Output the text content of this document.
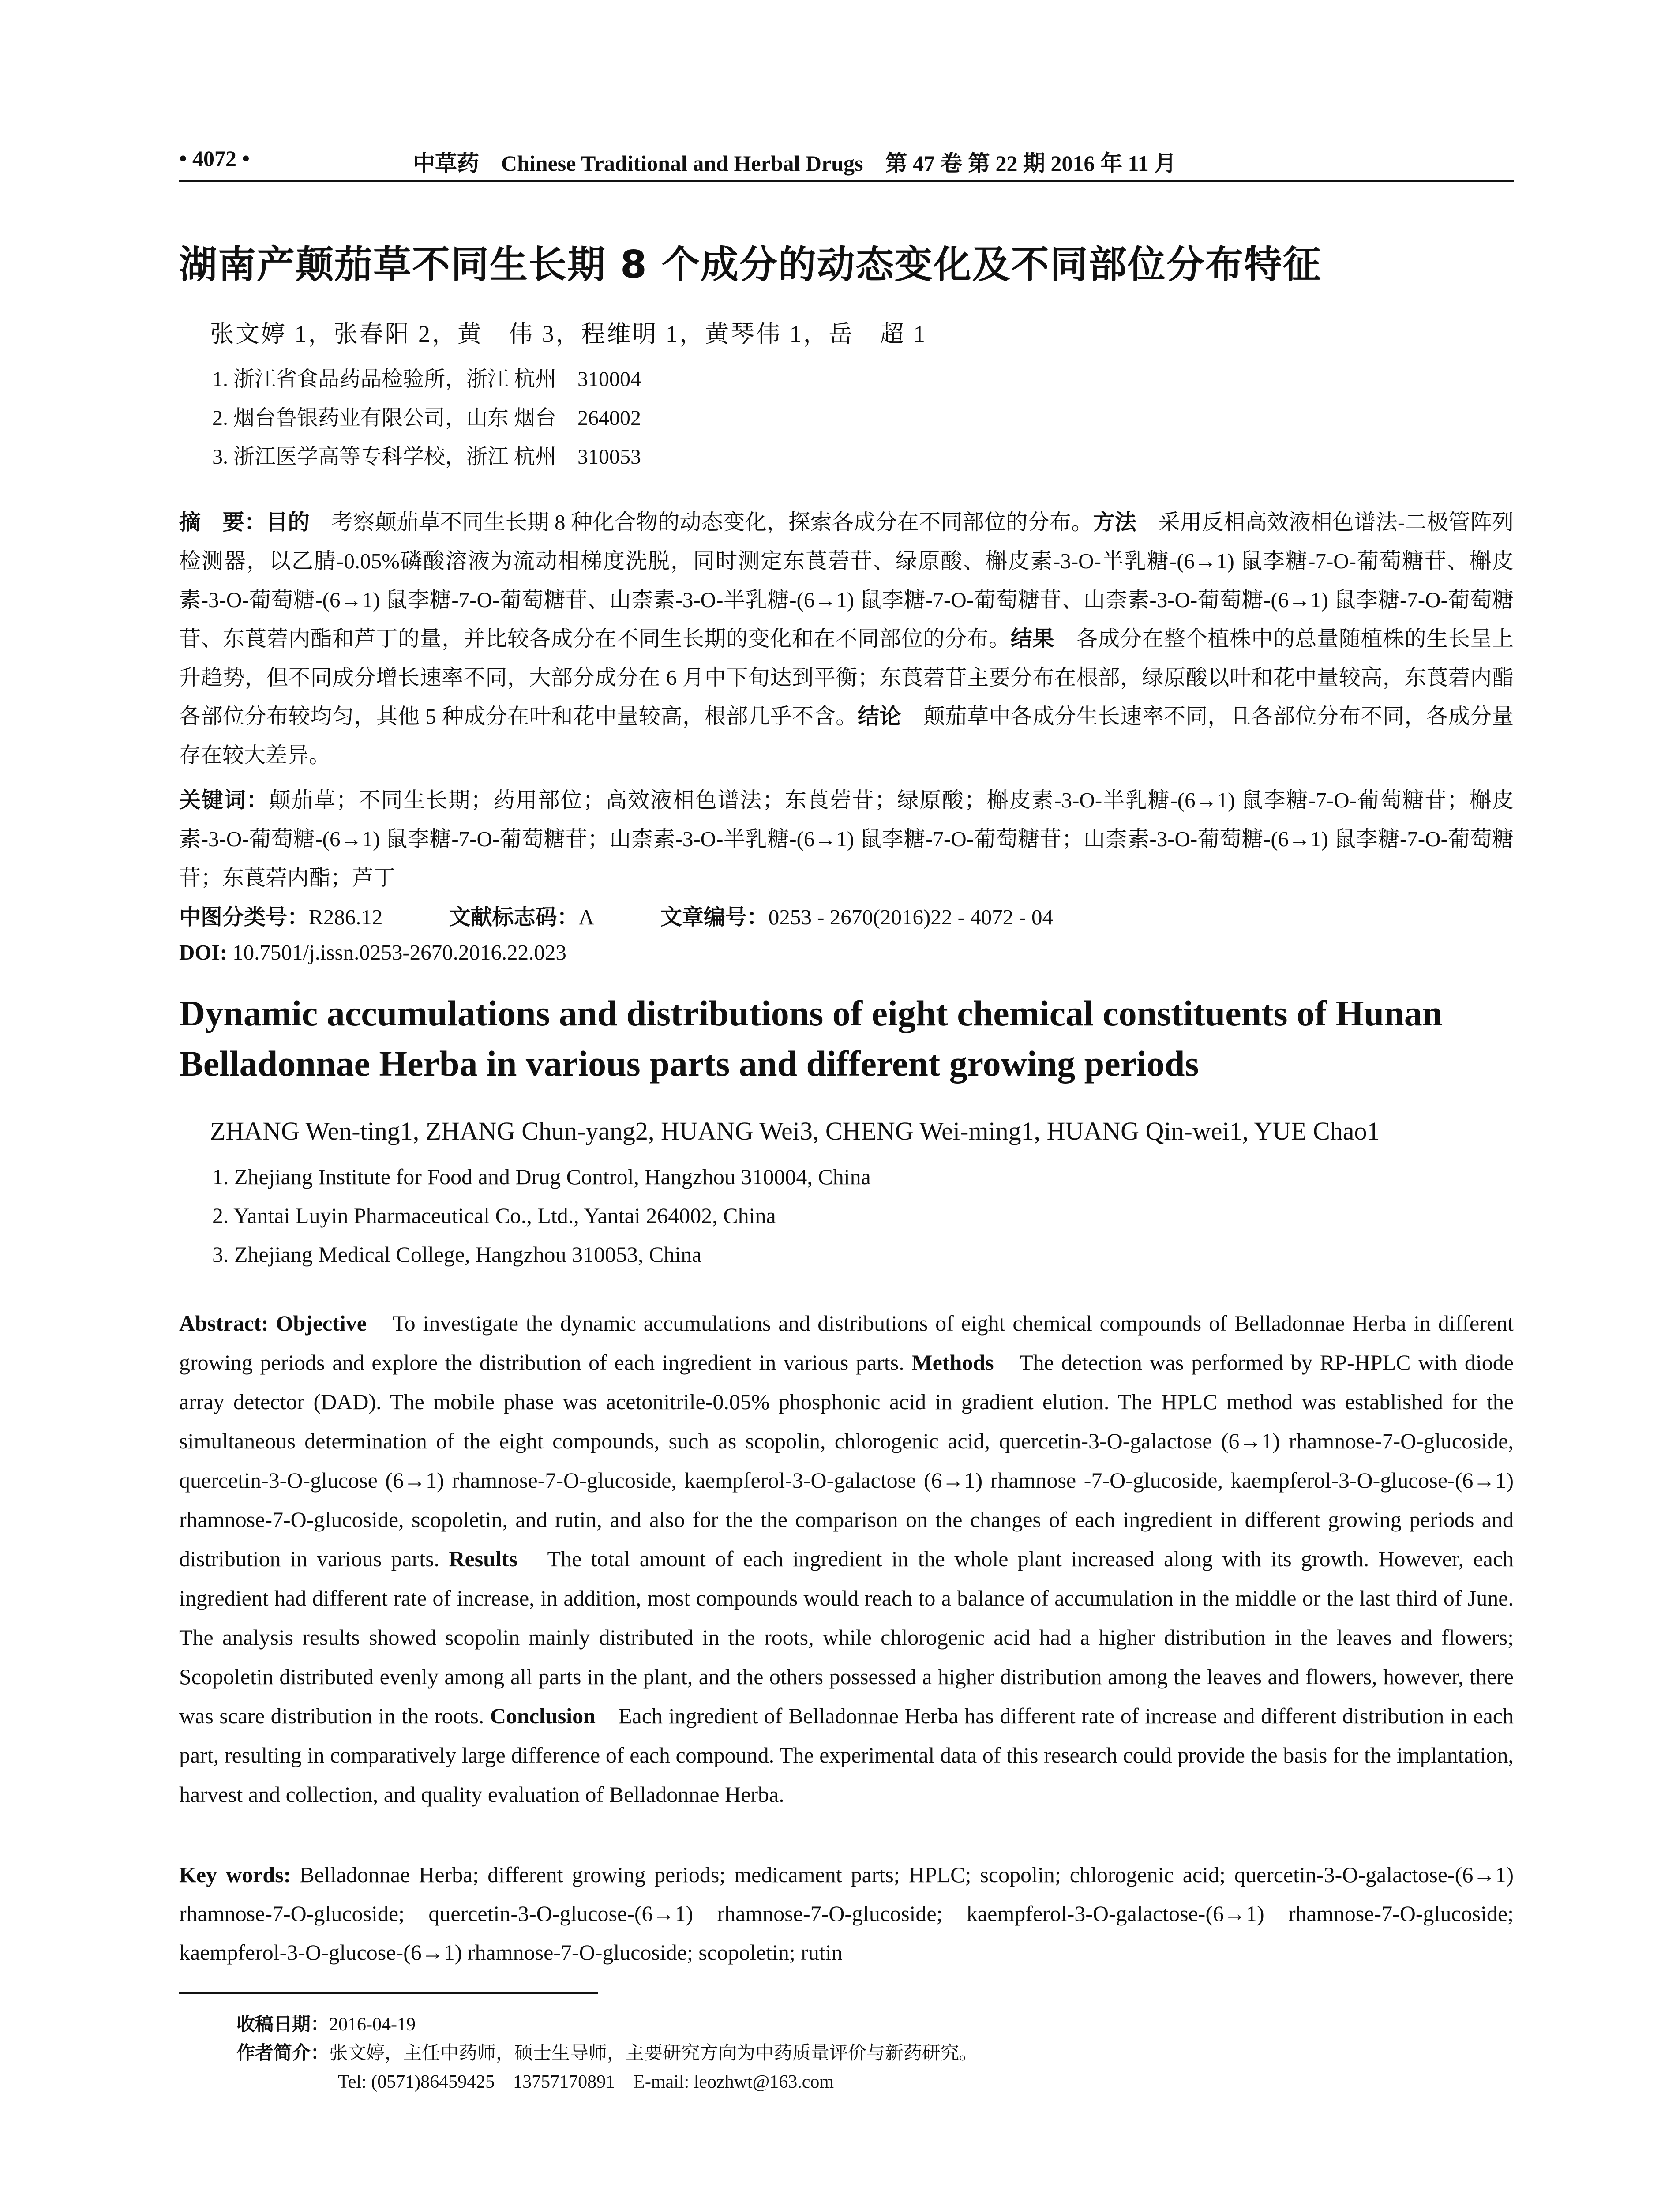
• 4072 •	中草药　Chinese Traditional and Herbal Drugs　第 47 卷 第 22 期 2016 年 11 月
湖南产颠茄草不同生长期 8 个成分的动态变化及不同部位分布特征
张文婷 1，张春阳 2，黄　伟 3，程维明 1，黄琴伟 1，岳　超 1
1. 浙江省食品药品检验所，浙江 杭州　310004
2. 烟台鲁银药业有限公司，山东 烟台　264002
3. 浙江医学高等专科学校，浙江 杭州　310053
摘　要：目的　考察颠茄草不同生长期 8 种化合物的动态变化，探索各成分在不同部位的分布。方法　采用反相高效液相色谱法-二极管阵列检测器，以乙腈-0.05%磷酸溶液为流动相梯度洗脱，同时测定东莨菪苷、绿原酸、槲皮素-3-O-半乳糖-(6→1) 鼠李糖-7-O-葡萄糖苷、槲皮素-3-O-葡萄糖-(6→1) 鼠李糖-7-O-葡萄糖苷、山柰素-3-O-半乳糖-(6→1) 鼠李糖-7-O-葡萄糖苷、山柰素-3-O-葡萄糖-(6→1) 鼠李糖-7-O-葡萄糖苷、东莨菪内酯和芦丁的量，并比较各成分在不同生长期的变化和在不同部位的分布。结果　各成分在整个植株中的总量随植株的生长呈上升趋势，但不同成分增长速率不同，大部分成分在 6 月中下旬达到平衡；东莨菪苷主要分布在根部，绿原酸以叶和花中量较高，东莨菪内酯各部位分布较均匀，其他 5 种成分在叶和花中量较高，根部几乎不含。结论　颠茄草中各成分生长速率不同，且各部位分布不同，各成分量存在较大差异。
关键词：颠茄草；不同生长期；药用部位；高效液相色谱法；东莨菪苷；绿原酸；槲皮素-3-O-半乳糖-(6→1) 鼠李糖-7-O-葡萄糖苷；槲皮素-3-O-葡萄糖-(6→1) 鼠李糖-7-O-葡萄糖苷；山柰素-3-O-半乳糖-(6→1) 鼠李糖-7-O-葡萄糖苷；山柰素-3-O-葡萄糖-(6→1) 鼠李糖-7-O-葡萄糖苷；东莨菪内酯；芦丁
中图分类号：R286.12	文献标志码：A	文章编号：0253 - 2670(2016)22 - 4072 - 04
DOI: 10.7501/j.issn.0253-2670.2016.22.023
Dynamic accumulations and distributions of eight chemical constituents of Hunan Belladonnae Herba in various parts and different growing periods
ZHANG Wen-ting1, ZHANG Chun-yang2, HUANG Wei3, CHENG Wei-ming1, HUANG Qin-wei1, YUE Chao1
1. Zhejiang Institute for Food and Drug Control, Hangzhou 310004, China
2. Yantai Luyin Pharmaceutical Co., Ltd., Yantai 264002, China
3. Zhejiang Medical College, Hangzhou 310053, China
Abstract: Objective　To investigate the dynamic accumulations and distributions of eight chemical compounds of Belladonnae Herba in different growing periods and explore the distribution of each ingredient in various parts. Methods　The detection was performed by RP-HPLC with diode array detector (DAD). The mobile phase was acetonitrile-0.05% phosphonic acid in gradient elution. The HPLC method was established for the simultaneous determination of the eight compounds, such as scopolin, chlorogenic acid, quercetin-3-O-galactose (6→1) rhamnose-7-O-glucoside, quercetin-3-O-glucose (6→1) rhamnose-7-O-glucoside, kaempferol-3-O-galactose (6→1) rhamnose -7-O-glucoside, kaempferol-3-O-glucose-(6→1) rhamnose-7-O-glucoside, scopoletin, and rutin, and also for the the comparison on the changes of each ingredient in different growing periods and distribution in various parts. Results　The total amount of each ingredient in the whole plant increased along with its growth. However, each ingredient had different rate of increase, in addition, most compounds would reach to a balance of accumulation in the middle or the last third of June. The analysis results showed scopolin mainly distributed in the roots, while chlorogenic acid had a higher distribution in the leaves and flowers; Scopoletin distributed evenly among all parts in the plant, and the others possessed a higher distribution among the leaves and flowers, however, there was scare distribution in the roots. Conclusion　Each ingredient of Belladonnae Herba has different rate of increase and different distribution in each part, resulting in comparatively large difference of each compound. The experimental data of this research could provide the basis for the implantation, harvest and collection, and quality evaluation of Belladonnae Herba.
Key words: Belladonnae Herba; different growing periods; medicament parts; HPLC; scopolin; chlorogenic acid; quercetin-3-O-galactose-(6→1) rhamnose-7-O-glucoside; quercetin-3-O-glucose-(6→1) rhamnose-7-O-glucoside; kaempferol-3-O-galactose-(6→1) rhamnose-7-O-glucoside; kaempferol-3-O-glucose-(6→1) rhamnose-7-O-glucoside; scopoletin; rutin
收稿日期：2016-04-19
作者简介：张文婷，主任中药师，硕士生导师，主要研究方向为中药质量评价与新药研究。
Tel: (0571)86459425　13757170891　E-mail: leozhwt@163.com
